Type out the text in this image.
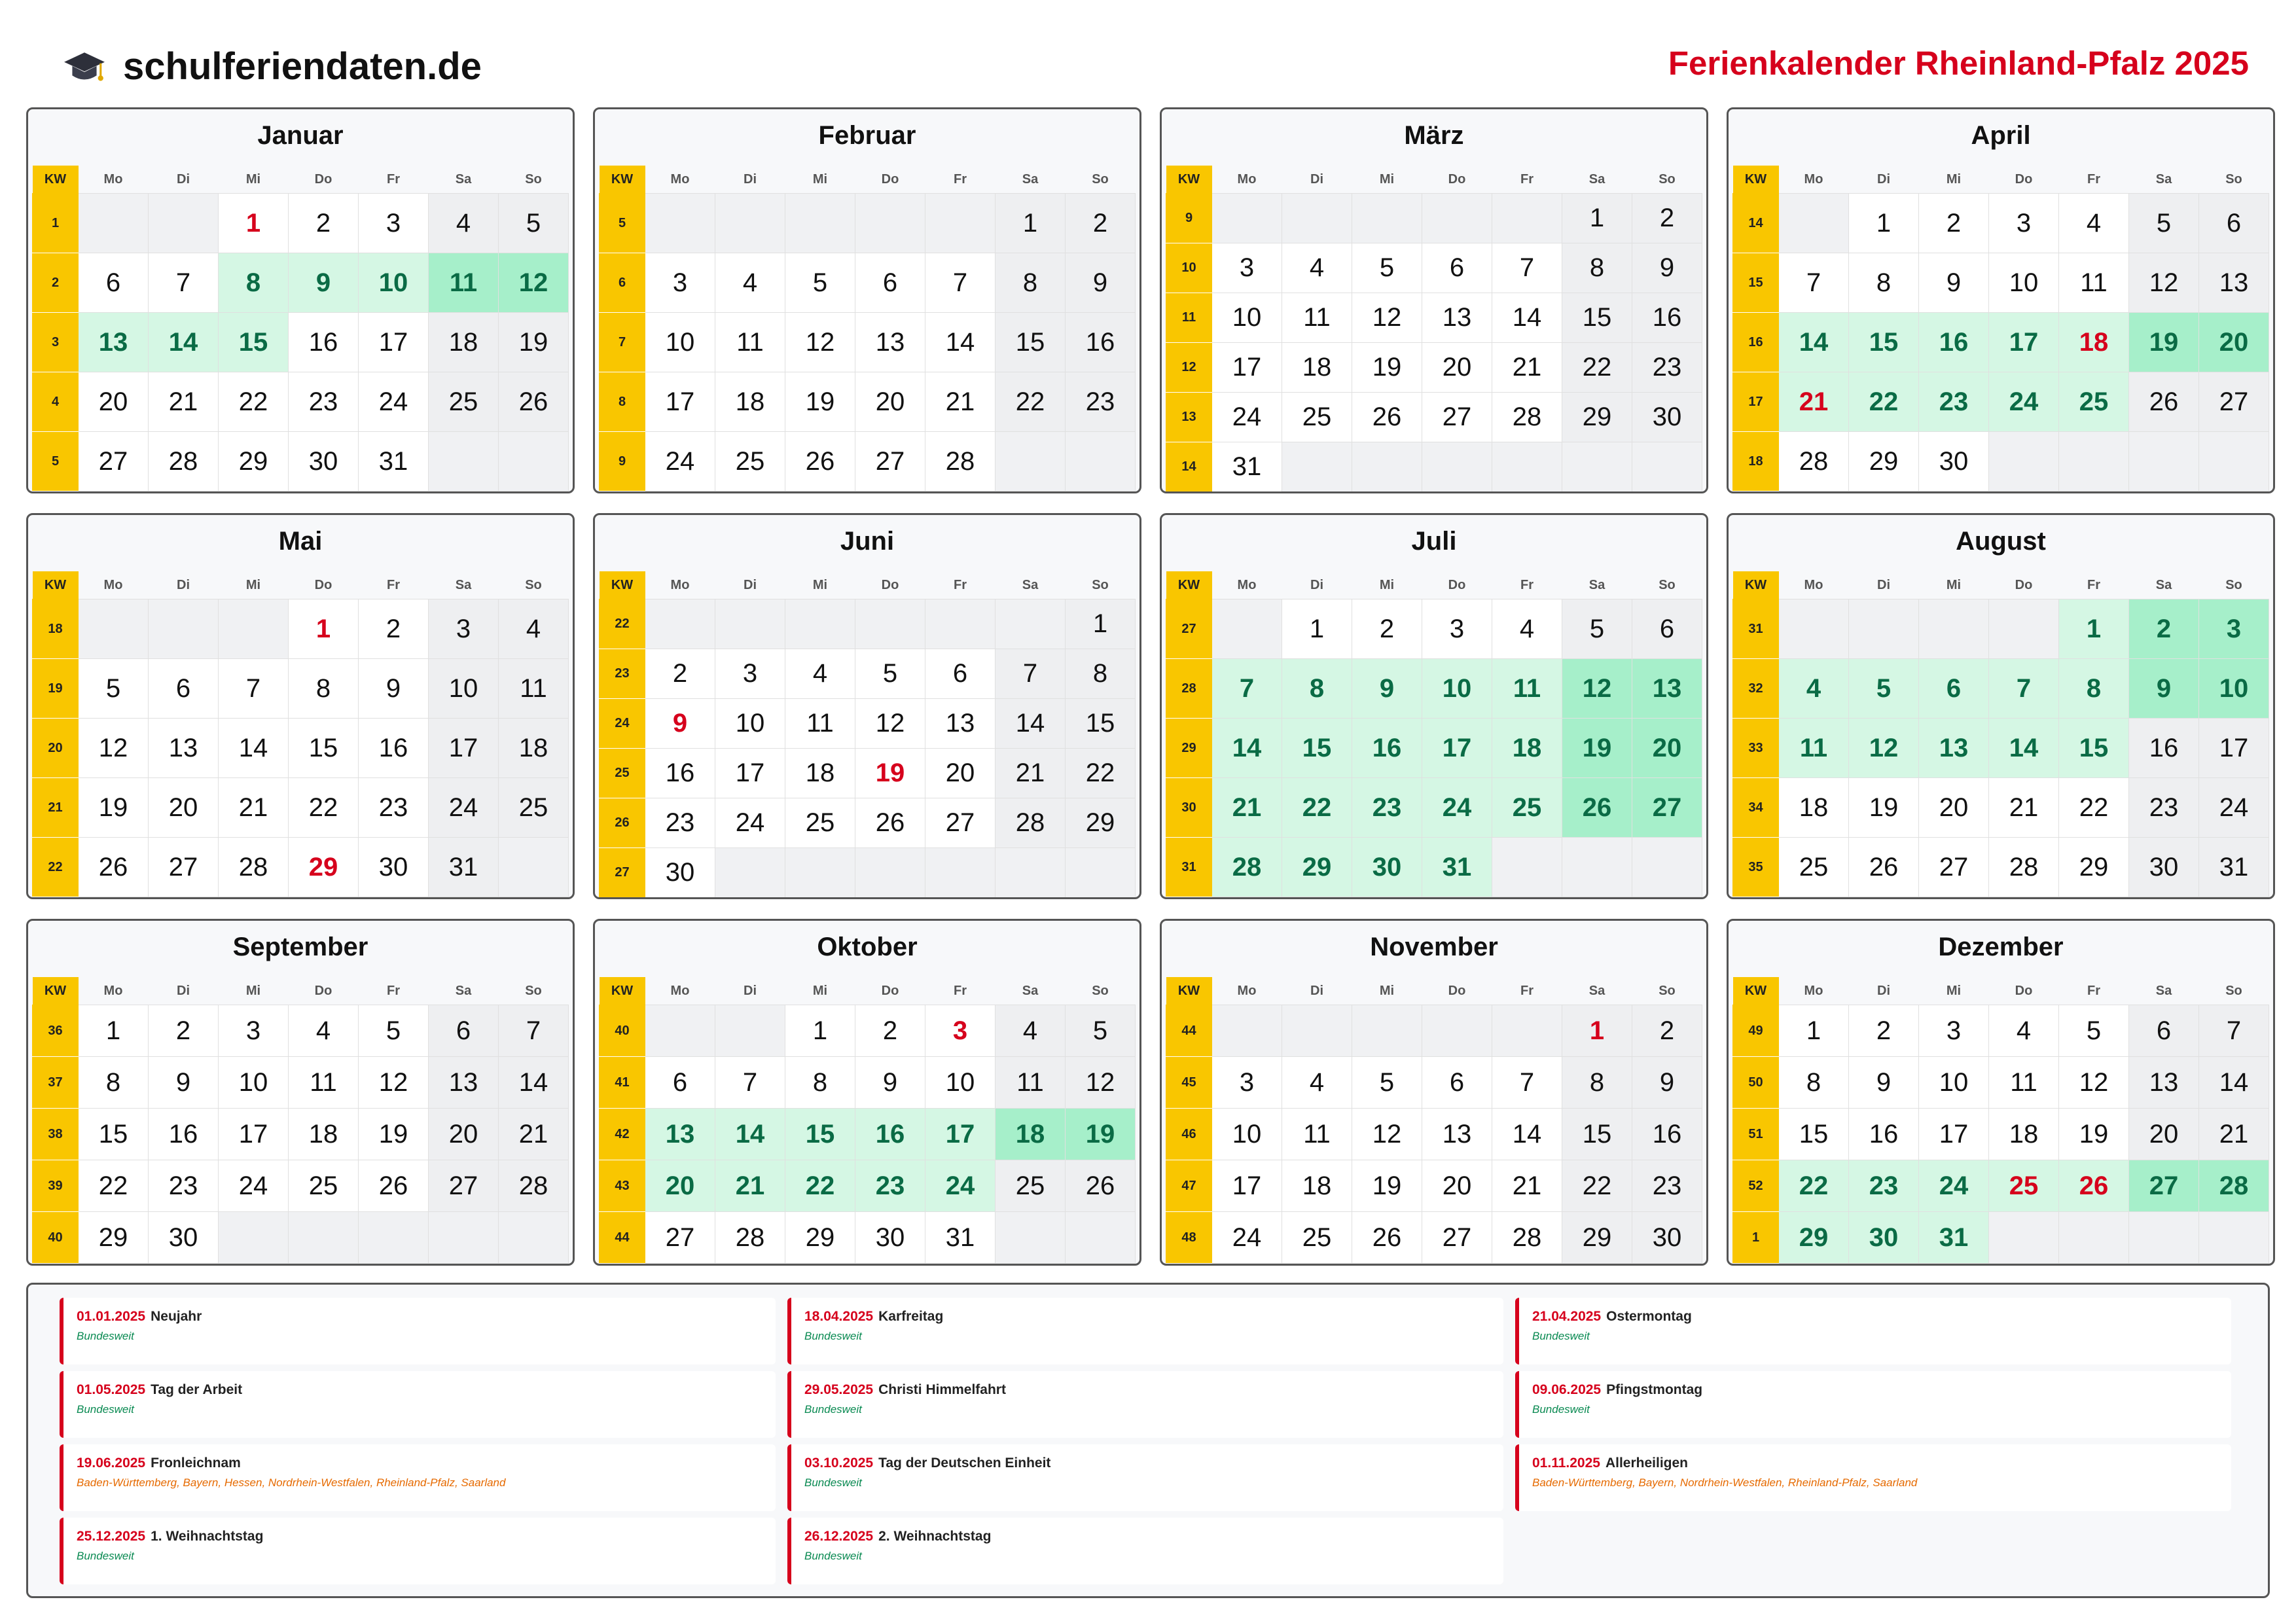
schulferiendaten.de	Ferienkalender Rheinland-Pfalz 2025
Januar
KW	Mo	Di	Mi	Do	Fr	Sa	So
1			1	2	3	4	5
2	6	7	8	9	10	11	12
3	13	14	15	16	17	18	19
4	20	21	22	23	24	25	26
5	27	28	29	30	31		
Februar
KW	Mo	Di	Mi	Do	Fr	Sa	So
5						1	2
6	3	4	5	6	7	8	9
7	10	11	12	13	14	15	16
8	17	18	19	20	21	22	23
9	24	25	26	27	28		
März
KW	Mo	Di	Mi	Do	Fr	Sa	So
9						1	2
10	3	4	5	6	7	8	9
11	10	11	12	13	14	15	16
12	17	18	19	20	21	22	23
13	24	25	26	27	28	29	30
14	31						
April
KW	Mo	Di	Mi	Do	Fr	Sa	So
14		1	2	3	4	5	6
15	7	8	9	10	11	12	13
16	14	15	16	17	18	19	20
17	21	22	23	24	25	26	27
18	28	29	30				
Mai
KW	Mo	Di	Mi	Do	Fr	Sa	So
18				1	2	3	4
19	5	6	7	8	9	10	11
20	12	13	14	15	16	17	18
21	19	20	21	22	23	24	25
22	26	27	28	29	30	31	
Juni
KW	Mo	Di	Mi	Do	Fr	Sa	So
22							1
23	2	3	4	5	6	7	8
24	9	10	11	12	13	14	15
25	16	17	18	19	20	21	22
26	23	24	25	26	27	28	29
27	30						
Juli
KW	Mo	Di	Mi	Do	Fr	Sa	So
27		1	2	3	4	5	6
28	7	8	9	10	11	12	13
29	14	15	16	17	18	19	20
30	21	22	23	24	25	26	27
31	28	29	30	31			
August
KW	Mo	Di	Mi	Do	Fr	Sa	So
31					1	2	3
32	4	5	6	7	8	9	10
33	11	12	13	14	15	16	17
34	18	19	20	21	22	23	24
35	25	26	27	28	29	30	31
September
KW	Mo	Di	Mi	Do	Fr	Sa	So
36	1	2	3	4	5	6	7
37	8	9	10	11	12	13	14
38	15	16	17	18	19	20	21
39	22	23	24	25	26	27	28
40	29	30					
Oktober
KW	Mo	Di	Mi	Do	Fr	Sa	So
40			1	2	3	4	5
41	6	7	8	9	10	11	12
42	13	14	15	16	17	18	19
43	20	21	22	23	24	25	26
44	27	28	29	30	31		
November
KW	Mo	Di	Mi	Do	Fr	Sa	So
44						1	2
45	3	4	5	6	7	8	9
46	10	11	12	13	14	15	16
47	17	18	19	20	21	22	23
48	24	25	26	27	28	29	30
Dezember
KW	Mo	Di	Mi	Do	Fr	Sa	So
49	1	2	3	4	5	6	7
50	8	9	10	11	12	13	14
51	15	16	17	18	19	20	21
52	22	23	24	25	26	27	28
1	29	30	31				
01.01.2025 Neujahr
Bundesweit
18.04.2025 Karfreitag
Bundesweit
21.04.2025 Ostermontag
Bundesweit
01.05.2025 Tag der Arbeit
Bundesweit
29.05.2025 Christi Himmelfahrt
Bundesweit
09.06.2025 Pfingstmontag
Bundesweit
19.06.2025 Fronleichnam
Baden-Württemberg, Bayern, Hessen, Nordrhein-Westfalen, Rheinland-Pfalz, Saarland
03.10.2025 Tag der Deutschen Einheit
Bundesweit
01.11.2025 Allerheiligen
Baden-Württemberg, Bayern, Nordrhein-Westfalen, Rheinland-Pfalz, Saarland
25.12.2025 1. Weihnachtstag
Bundesweit
26.12.2025 2. Weihnachtstag
Bundesweit
